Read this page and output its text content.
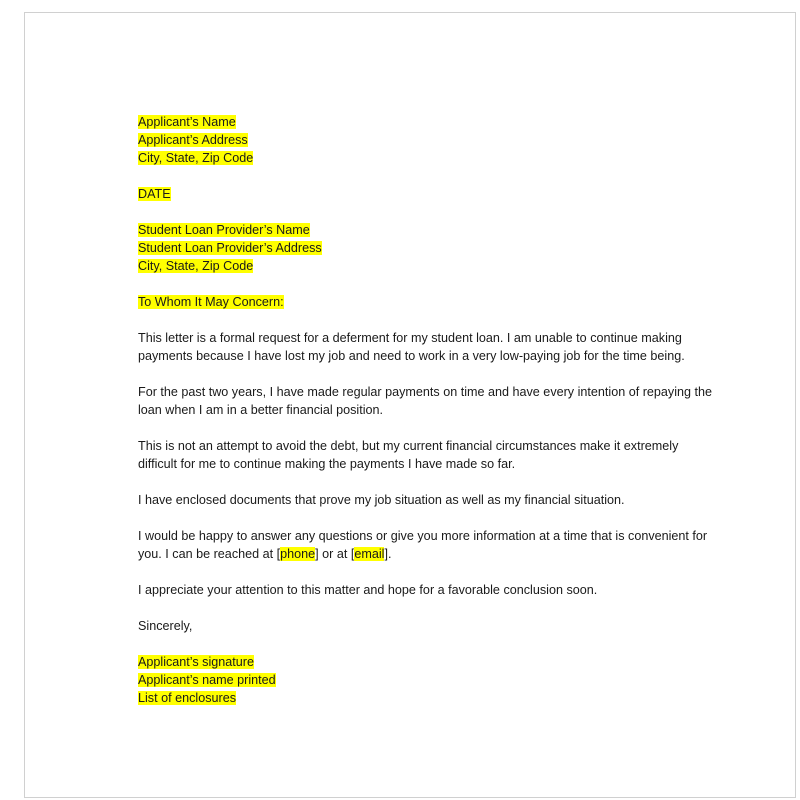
Applicant’s Name
Applicant’s Address
City, State, Zip Code
DATE
Student Loan Provider’s Name
Student Loan Provider’s Address
City, State, Zip Code
To Whom It May Concern:
This letter is a formal request for a deferment for my student loan. I am unable to continue making
payments because I have lost my job and need to work in a very low-paying job for the time being.
For the past two years, I have made regular payments on time and have every intention of repaying the
loan when I am in a better financial position.
This is not an attempt to avoid the debt, but my current financial circumstances make it extremely
difficult for me to continue making the payments I have made so far.
I have enclosed documents that prove my job situation as well as my financial situation.
I would be happy to answer any questions or give you more information at a time that is convenient for
you. I can be reached at [phone] or at [email].
I appreciate your attention to this matter and hope for a favorable conclusion soon.
Sincerely,
Applicant’s signature
Applicant’s name printed
List of enclosures
